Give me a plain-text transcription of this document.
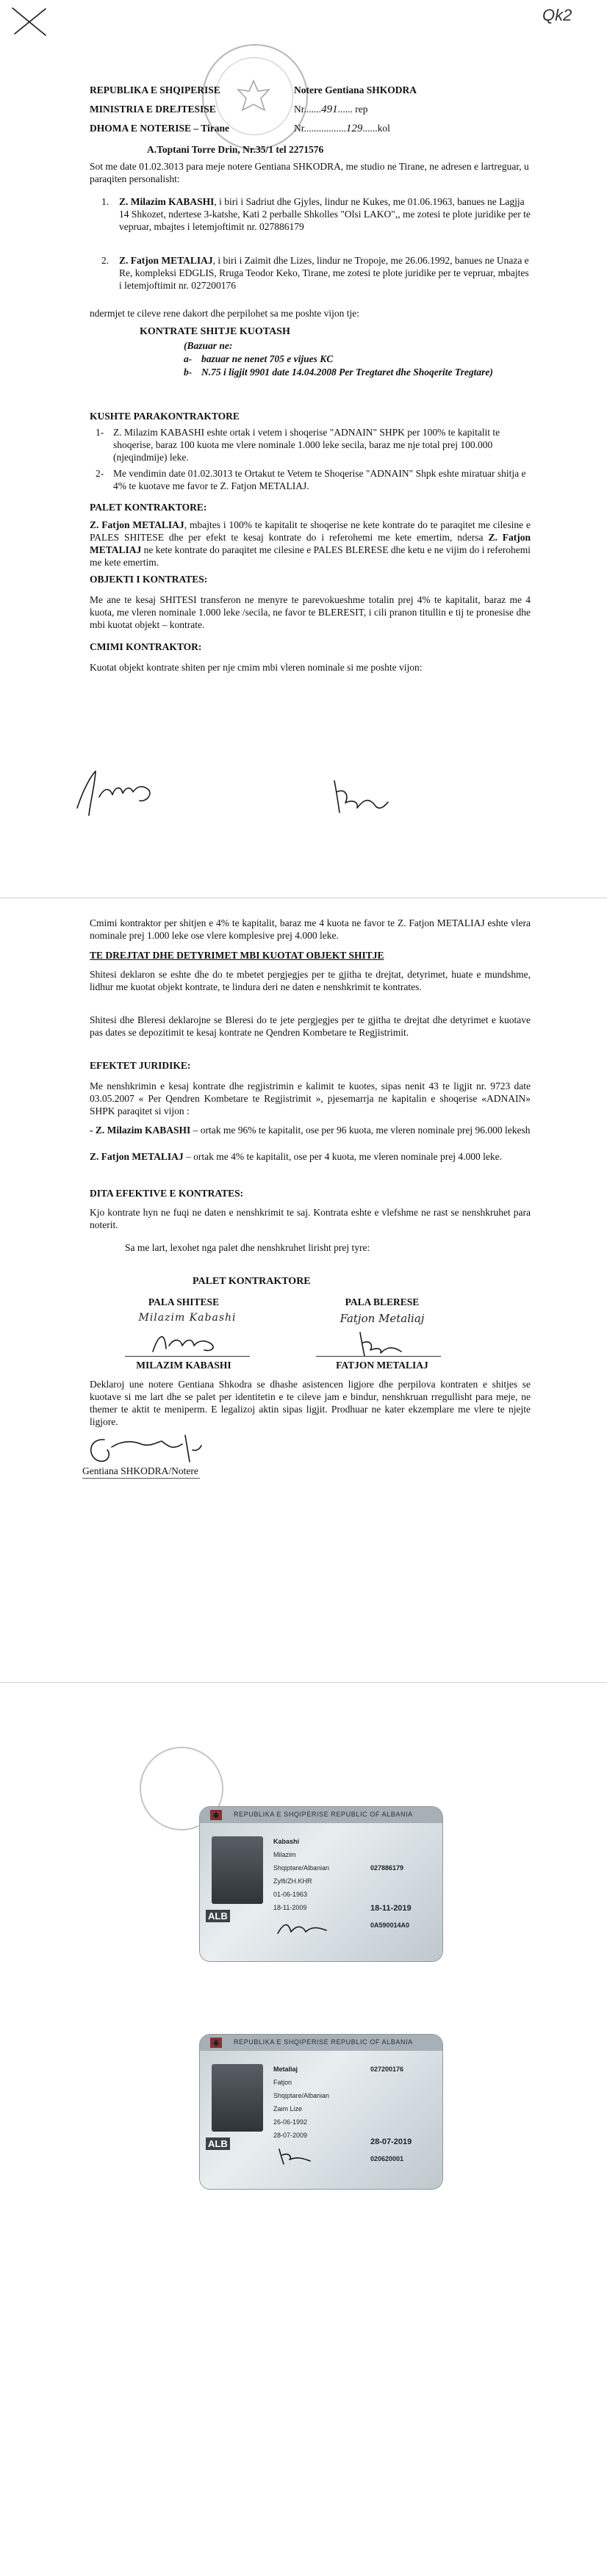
Qk2
REPUBLIKA E SHQIPERISE
MINISTRIA E DREJTESISE
DHOMA E NOTERISE – Tirane
Notere Gentiana SHKODRA
Nr.......491...... rep
Nr.................129......kol
A.Toptani Torre Drin, Nr.35/1 tel 2271576
Sot me date 01.02.3013 para meje notere Gentiana SHKODRA, me studio ne Tirane, ne adresen e lartreguar, u paraqiten personalisht:
1. Z. Milazim KABASHI, i biri i Sadriut dhe Gjyles, lindur ne Kukes, me 01.06.1963, banues ne Lagjja 14 Shkozet, ndertese 3-katshe, Kati 2 perballe Shkolles "Olsi LAKO",, me zotesi te plote juridike per te vepruar, mbajtes i letemjoftimit nr. 027886179
2. Z. Fatjon METALIAJ, i biri i Zaimit dhe Lizes, lindur ne Tropoje, me 26.06.1992, banues ne Unaza e Re, kompleksi EDGLIS, Rruga Teodor Keko, Tirane, me zotesi te plote juridike per te vepruar, mbajtes i letemjoftimit nr. 027200176
ndermjet te cileve rene dakort dhe perpilohet sa me poshte vijon tje:
KONTRATE SHITJE KUOTASH
(Bazuar ne:
a- bazuar ne nenet 705 e vijues KC
b- N.75 i ligjit 9901 date 14.04.2008 Per Tregtaret dhe Shoqerite Tregtare)
KUSHTE PARAKONTRAKTORE
1- Z. Milazim KABASHI eshte ortak i vetem i shoqerise "ADNAIN" SHPK per 100% te kapitalit te shoqerise, baraz 100 kuota me vlere nominale 1.000 leke secila, baraz me nje total prej 100.000 (njeqindmije) leke.
2- Me vendimin date 01.02.3013 te Ortakut te Vetem te Shoqerise "ADNAIN" Shpk eshte miratuar shitja e 4% te kuotave me favor te Z. Fatjon METALIAJ.
PALET KONTRAKTORE:
Z. Fatjon METALIAJ, mbajtes i 100% te kapitalit te shoqerise ne kete kontrate do te paraqitet me cilesine e PALES SHITESE dhe per efekt te kesaj kontrate do i referohemi me kete emertim, ndersa Z. Fatjon METALIAJ ne kete kontrate do paraqitet me cilesine e PALES BLERESE dhe ketu e ne vijim do i referohemi me kete emertim.
OBJEKTI I KONTRATES:
Me ane te kesaj SHITESI transferon ne menyre te parevokueshme totalin prej 4% te kapitalit, baraz me 4 kuota, me vleren nominale 1.000 leke /secila, ne favor te BLERESIT, i cili pranon titullin e tij te pronesise dhe mbi kuotat objekt – kontrate.
CMIMI KONTRAKTOR:
Kuotat objekt kontrate shiten per nje cmim mbi vleren nominale si me poshte vijon:
Cmimi kontraktor per shitjen e 4% te kapitalit, baraz me 4 kuota ne favor te Z. Fatjon METALIAJ eshte vlera nominale prej 1.000 leke ose vlere komplesive prej 4.000 leke.
TE DREJTAT DHE DETYRIMET MBI KUOTAT OBJEKT SHITJE
Shitesi deklaron se eshte dhe do te mbetet pergjegjes per te gjitha te drejtat, detyrimet, huate e mundshme, lidhur me kuotat objekt kontrate, te lindura deri ne daten e nenshkrimit te kontrates.
Shitesi dhe Bleresi deklarojne se Bleresi do te jete pergjegjes per te gjitha te drejtat dhe detyrimet e kuotave pas dates se depozitimit te kesaj kontrate ne Qendren Kombetare te Regjistrimit.
EFEKTET JURIDIKE:
Me nenshkrimin e kesaj kontrate dhe regjistrimin e kalimit te kuotes, sipas nenit 43 te ligjit nr. 9723 date 03.05.2007 « Per Qendren Kombetare te Regjistrimit », pjesemarrja ne kapitalin e shoqerise «ADNAIN» SHPK paraqitet si vijon :
- Z. Milazim KABASHI – ortak me 96% te kapitalit, ose per 96 kuota, me vleren nominale prej 96.000 lekesh
Z. Fatjon METALIAJ – ortak me 4% te kapitalit, ose per 4 kuota, me vleren nominale prej 4.000 leke.
DITA EFEKTIVE E KONTRATES:
Kjo kontrate hyn ne fuqi ne daten e nenshkrimit te saj. Kontrata eshte e vlefshme ne rast se nenshkruhet para noterit.
Sa me lart, lexohet nga palet dhe nenshkruhet lirisht prej tyre:
PALET KONTRAKTORE
PALA SHITESE	PALA BLERESE
Milazim Kabashi	Fatjon Metaliaj
MILAZIM KABASHI	FATJON METALIAJ
Deklaroj une notere Gentiana Shkodra se dhashe asistencen ligjore dhe perpilova kontraten e shitjes se kuotave si me lart dhe se palet per identitetin e te cileve jam e bindur, nenshkruan rregullisht para meje, ne themer te aktit te meniperm. E legalizoj aktin sipas ligjit. Prodhuar ne kater ekzemplare me vlere te njejte ligjore.
Gentiana SHKODRA/Notere
REPUBLIKA E SHQIPERISE REPUBLIC OF ALBANIA
ALB
Kabashi
Milazim
Shqiptare/Albanian
Zylfi/ZH.KHR
01-06-1963
18-11-2009
027886179
18-11-2019
0A590014A0
REPUBLIKA E SHQIPERISE REPUBLIC OF ALBANIA
ALB
Metaliaj
Fatjon
Shqiptare/Albanian
Zaim Lize
26-06-1992
28-07-2009
027200176
28-07-2019
020620001
